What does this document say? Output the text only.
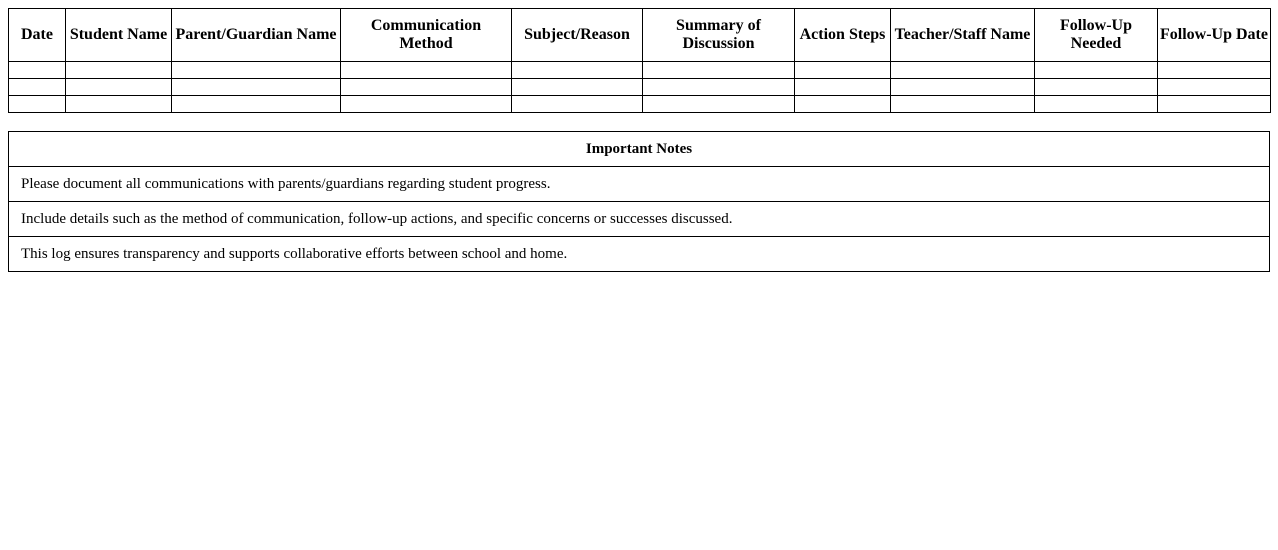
Date	Student Name	Parent/Guardian Name	Communication Method	Subject/Reason	Summary of Discussion	Action Steps	Teacher/Staff Name	Follow-Up Needed	Follow-Up Date

Important Notes
Please document all communications with parents/guardians regarding student progress.
Include details such as the method of communication, follow-up actions, and specific concerns or successes discussed.
This log ensures transparency and supports collaborative efforts between school and home.
